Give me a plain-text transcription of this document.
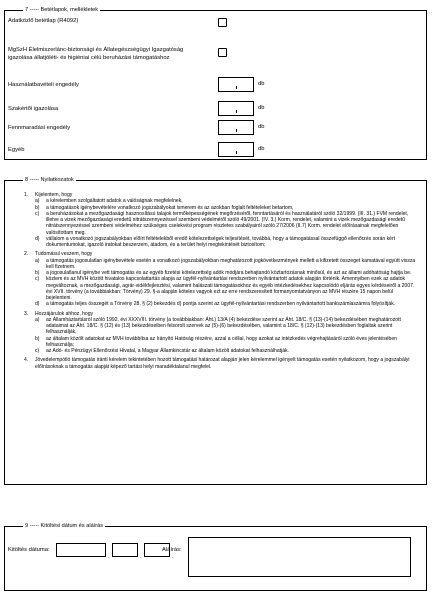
7 ----- Betétlapok, mellékletek
Adatközlő betétlap (R4092)
MgSzH Élelmiszerlánc-biztonsági és Állategészségügyi Igazgatóság
igazolása állatjóléti- és higiéniai célú beruházási támogatáshoz
Használatbavételi engedély	db
Szakértői igazolása	db
Fennmaradási engedély	db
Egyéb	db
8 ----- Nyilatkozatok
1. Kijelentem, hogy
a) a kérelemben szolgáltatott adatok a valóságnak megfelelnek,
b) a támogatások igénybevételére vonatkozó jogszabályokat ismerem és az azokban foglalt feltételeket betartom,
c) a beruházásokat a mezőgazdasági hasznosítású talajok termőképességének megőrzéséről, fenntartásáról és használatáról szóló 32/1999. (III. 31.) FVM rendelet, illetve a vizek mezőgazdasági eredetű nitrátszennyezéssel szembeni védelméről szóló 49/2001. (IV. 3.) Korm. rendelet, valamint a vizek mezőgazdasági eredetű nitrátszennyezéssel szembeni védelméhez szükséges cselekvési program részletes szabályairól szóló 27/2006 (II.7) Korm. rendelet előírásainak megfelelően valósítottam meg.
d) vállalom a vonatkozó jogszabályokban előírt feltételekből eredő kötelezettségek teljesítését, továbbá, hogy a támogatással összefüggő ellenőrzés során kért dokumentumokat, igazoló iratokat beszerzem, átadom, és a terület helyi megtekintését biztosítom;
2. Tudomásul veszem, hogy
a) a támogatás jogosulatlan igénybevétele esetén a vonatkozó jogszabályokban meghatározott jogkövetkezmények mellett a kifizetett összeget kamatával együtt vissza kell fizetnem.
b) a jogosulatlanul igénybe vett támogatás és az egyéb fizetési kötelezettség adók módjára behajtandó köztartozásnak minősül, és azt az állami adóhatóság hajtja be.
c) köztem és az MVH között hivatalos kapcsolattartás alapja az ügyfél-nyilvántartási rendszerben nyilvántartott adatok alapján történik. Amennyiben ezek az adatok megváltoznak, a mezőgazdasági, agrár-vidékfejlesztési, valamint halászati támogatásokhoz és egyéb intézkedésekhez kapcsolódó eljárás egyes kérdéseiről a 2007. évi XVII. törvény (a továbbiakban: Törvény) 29. §-a alapján köteles vagyok ezt az erre rendszeresített formanyomtatványon az MVH részére 15 napon belül bejelenteni.
d) a támogatás teljes összegét a Törvény 28. § (2) bekezdés d) pontja szerint az ügyfél-nyilvántartási rendszerben nyilvántartott bankszámlaszámra folyósítják.
3. Hozzájárulok ahhoz, hogy
a) az Államháztartásról szóló 1992. évi XXXVIII. törvény (a továbbiakban: Áht.) 13/A (4) bekezdése szerint az Áht. 18/C. § (13)-(14) bekezdésében meghatározott adataimat az Áht. 18/C. § (12) és (13) bekezdéseiben felsorolt szervek az (5)-(6) bekezdésében, valamint a 18/C. § (12)-(13) bekezdésben foglaltak szerint felhasználják,
b) az általam közölt adatokat az MVH továbbítsa az Irányító Hatóság részére, azzal a céllal, hogy azokat az intézkedés végrehajtásáról szóló éves jelentésében felhasználja;
c) az Adó- és Pénzügyi Ellenőrzési Hivatal, a Magyar Államkincstár az általam közölt adatokat felhasználhatják.
4. Jövedelempótló támogatás iránti kérelem tekintetében hozott támogatási határozat alapján jelen kérelemmel igényelt támogatás esetén nyilatkozom, hogy a jogszabályi előírásoknak a támogatás alapját képező tartási helyi maradéktalanul megfelel.
9 ----- Kitöltési dátum és aláírás
Kitöltés dátuma:
.	.	.
Aláírás:
